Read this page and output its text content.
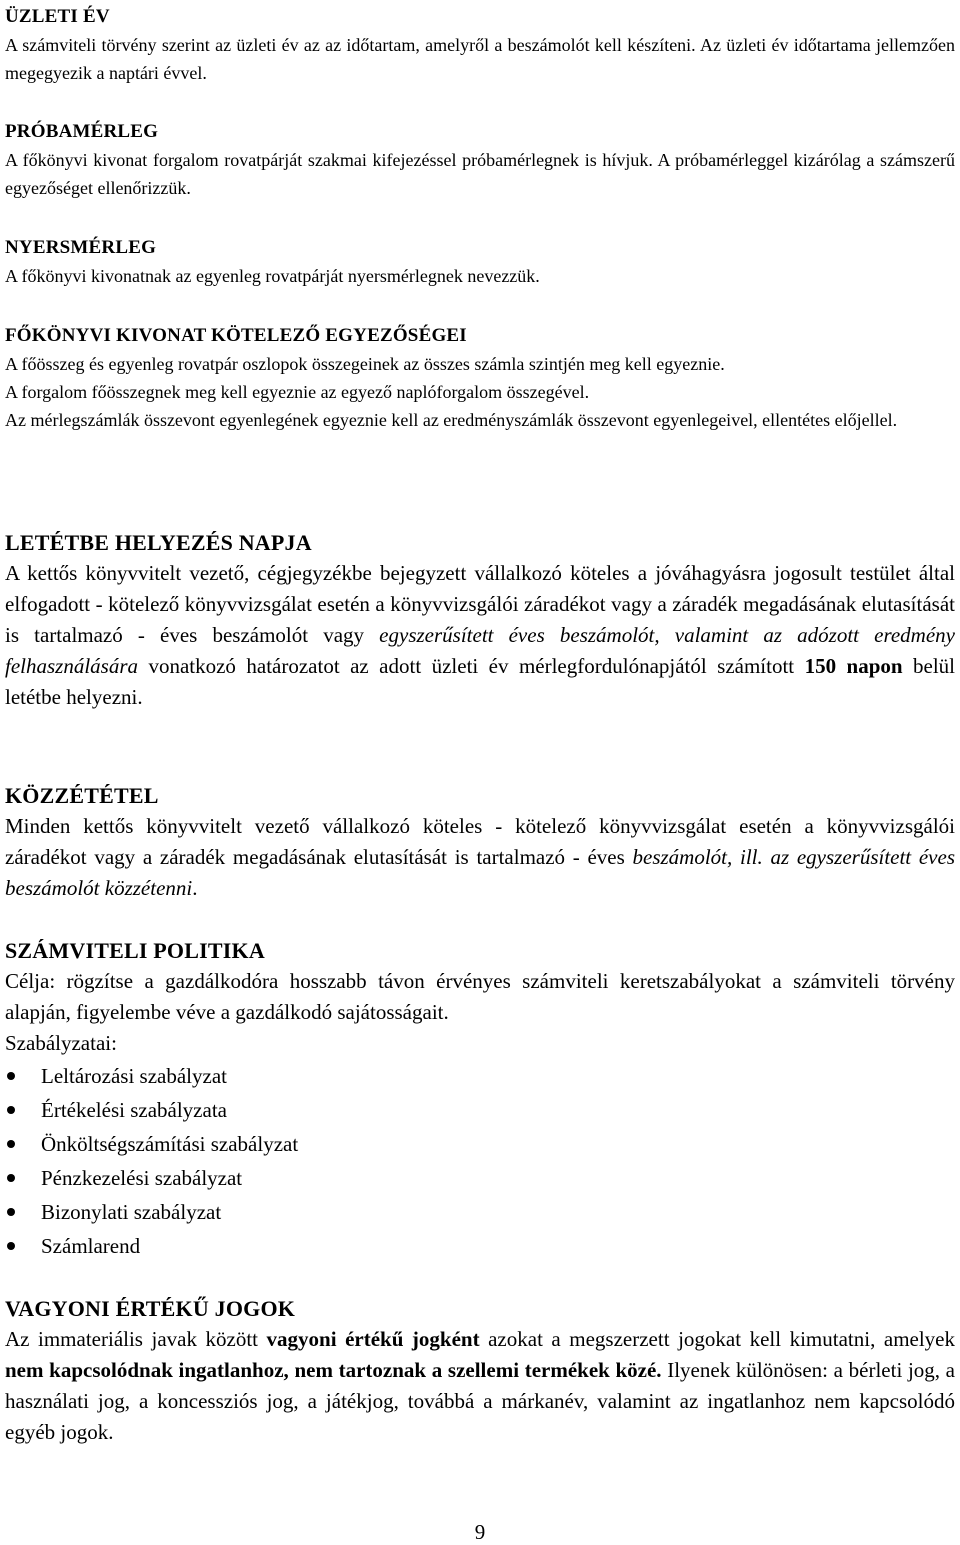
ÜZLETI ÉV

A számviteli törvény szerint az üzleti év az az időtartam, amelyről a beszámolót kell készíteni. Az üzleti év időtartama jellemzően megegyezik a naptári évvel.

PRÓBAMÉRLEG

A főkönyvi kivonat forgalom rovatpárját szakmai kifejezéssel próbamérlegnek is hívjuk. A próbamérleggel kizárólag a számszerű egyezőséget ellenőrizzük.

NYERSMÉRLEG

A főkönyvi kivonatnak az egyenleg rovatpárját nyersmérlegnek nevezzük.

FŐKÖNYVI KIVONAT KÖTELEZŐ EGYEZŐSÉGEI

A főösszeg és egyenleg rovatpár oszlopok összegeinek az összes számla szintjén meg kell egyeznie.

A forgalom főösszegnek meg kell egyeznie az egyező naplóforgalom összegével.

Az mérlegszámlák összevont egyenlegének egyeznie kell az eredményszámlák összevont egyenlegeivel, ellentétes előjellel.

LETÉTBE HELYEZÉS NAPJA

A kettős könyvvitelt vezető, cégjegyzékbe bejegyzett vállalkozó köteles a jóváhagyásra jogosult testület által elfogadott - kötelező könyvvizsgálat esetén a könyvvizsgálói záradékot vagy a záradék megadásának elutasítását is tartalmazó - éves beszámolót vagy egyszerűsített éves beszámolót, valamint az adózott eredmény felhasználására vonatkozó határozatot az adott üzleti év mérlegfordulónapjától számított 150 napon belül letétbe helyezni.

KÖZZÉTÉTEL

Minden kettős könyvvitelt vezető vállalkozó köteles - kötelező könyvvizsgálat esetén a könyvvizsgálói záradékot vagy a záradék megadásának elutasítását is tartalmazó - éves beszámolót, ill. az egyszerűsített éves beszámolót közzétenni.

SZÁMVITELI POLITIKA

Célja: rögzítse a gazdálkodóra hosszabb távon érvényes számviteli keretszabályokat a számviteli törvény alapján, figyelembe véve a gazdálkodó sajátosságait.

Szabályzatai:

Leltározási szabályzat
Értékelési szabályzata
Önköltségszámítási szabályzat
Pénzkezelési szabályzat
Bizonylati szabályzat
Számlarend
VAGYONI ÉRTÉKŰ JOGOK

Az immateriális javak között vagyoni értékű jogként azokat a megszerzett jogokat kell kimutatni, amelyek nem kapcsolódnak ingatlanhoz, nem tartoznak a szellemi termékek közé. Ilyenek különösen: a bérleti jog, a használati jog, a koncessziós jog, a játékjog, továbbá a márkanév, valamint az ingatlanhoz nem kapcsolódó egyéb jogok.

9
